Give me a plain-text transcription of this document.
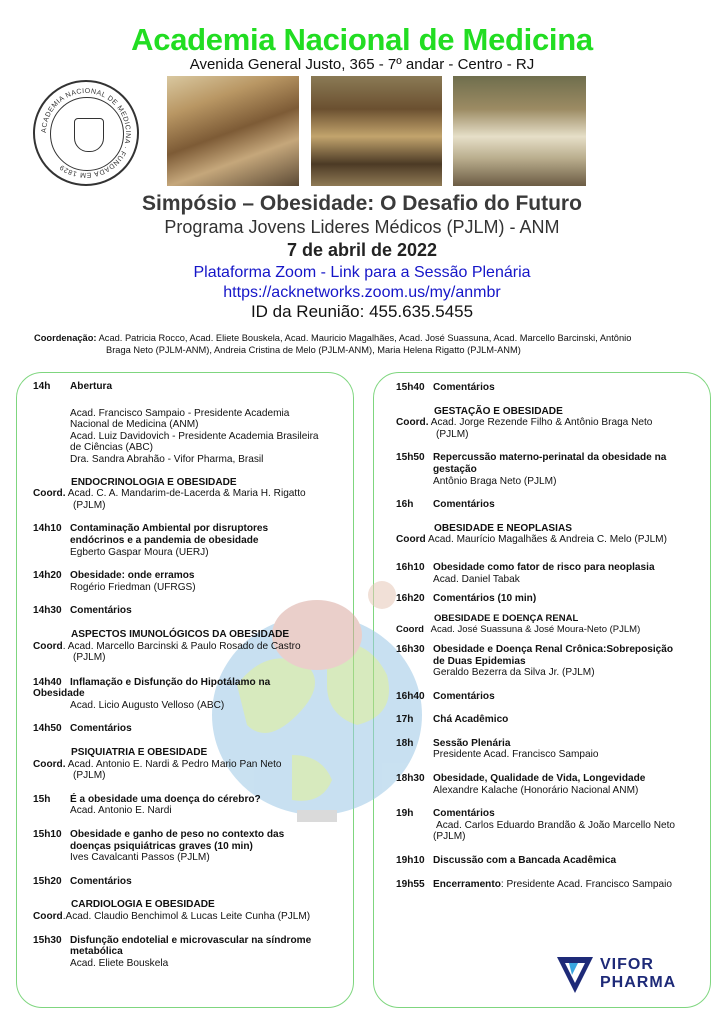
Academia Nacional de Medicina
Avenida General Justo, 365 - 7º andar - Centro - RJ
ACADEMIA NACIONAL DE MEDICINA · FUNDADA EM 1829
Simpósio – Obesidade: O Desafio do Futuro
Programa Jovens Lideres Médicos (PJLM) - ANM
7 de abril de 2022
Plataforma Zoom - Link para a Sessão Plenária
https://acknetworks.zoom.us/my/anmbr
ID da Reunião: 455.635.5455
Coordenação: Acad. Patricia Rocco, Acad. Eliete Bouskela, Acad. Mauricio Magalhães, Acad. José Suassuna, Acad. Marcello Barcinski, Antônio
Braga Neto (PJLM-ANM), Andreia Cristina de Melo (PJLM-ANM), Maria Helena Rigatto (PJLM-ANM)
14h Abertura
Acad. Francisco Sampaio - Presidente Academia
Nacional de Medicina (ANM)
Acad. Luiz Davidovich - Presidente Academia Brasileira
de Ciências (ABC)
Dra. Sandra Abrahão - Vifor Pharma, Brasil
ENDOCRINOLOGIA E OBESIDADE
Coord. Acad. C. A. Mandarim-de-Lacerda & Maria H. Rigatto
(PJLM)
14h10 Contaminação Ambiental por disruptores
endócrinos e a pandemia de obesidade
Egberto Gaspar Moura (UERJ)
14h20 Obesidade: onde erramos
Rogério Friedman (UFRGS)
14h30 Comentários
ASPECTOS IMUNOLÓGICOS DA OBESIDADE
Coord. Acad. Marcello Barcinski & Paulo Rosado de Castro
(PJLM)
14h40 Inflamação e Disfunção do Hipotálamo na
Obesidade
Acad. Licio Augusto Velloso (ABC)
14h50 Comentários
PSIQUIATRIA E OBESIDADE
Coord. Acad. Antonio E. Nardi & Pedro Mario Pan Neto
(PJLM)
15h É a obesidade uma doença do cérebro?
Acad. Antonio E. Nardi
15h10 Obesidade e ganho de peso no contexto das
doenças psiquiátricas graves (10 min)
Ives Cavalcanti Passos (PJLM)
15h20 Comentários
CARDIOLOGIA E OBESIDADE
Coord.Acad. Claudio Benchimol & Lucas Leite Cunha (PJLM)
15h30 Disfunção endotelial e microvascular na síndrome
metabólica
Acad. Eliete Bouskela
15h40 Comentários
GESTAÇÃO E OBESIDADE
Coord. Acad. Jorge Rezende Filho & Antônio Braga Neto
(PJLM)
15h50 Repercussão materno-perinatal da obesidade na
gestação
Antônio Braga Neto (PJLM)
16h Comentários
OBESIDADE E NEOPLASIAS
Coord Acad. Maurício Magalhães & Andreia C. Melo (PJLM)
16h10 Obesidade como fator de risco para neoplasia
Acad. Daniel Tabak
16h20 Comentários (10 min)
OBESIDADE E DOENÇA RENAL
Coord Acad. José Suassuna & José Moura-Neto (PJLM)
16h30 Obesidade e Doença Renal Crônica:Sobreposição
de Duas Epidemias
Geraldo Bezerra da Silva Jr. (PJLM)
16h40 Comentários
17h Chá Acadêmico
18h Sessão Plenária
Presidente Acad. Francisco Sampaio
18h30 Obesidade, Qualidade de Vida, Longevidade
Alexandre Kalache (Honorário Nacional ANM)
19h Comentários
Acad. Carlos Eduardo Brandão & João Marcello Neto
(PJLM)
19h10 Discussão com a Bancada Acadêmica
19h55 Encerramento: Presidente Acad. Francisco Sampaio
VIFOR
PHARMA
